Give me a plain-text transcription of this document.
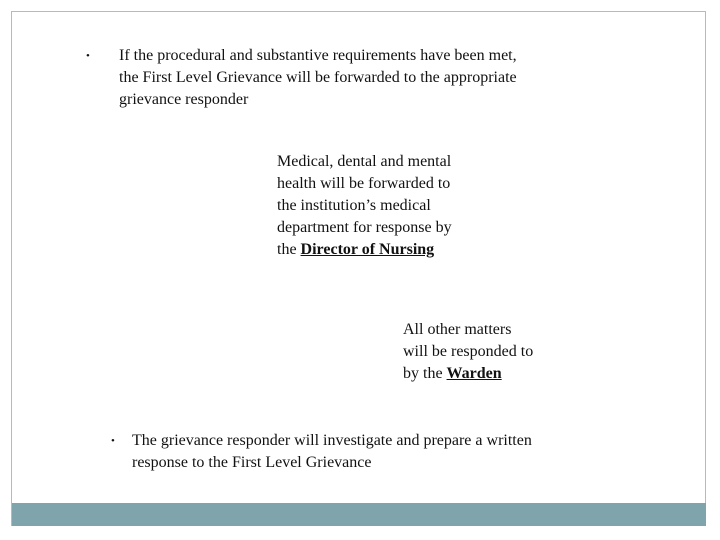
• If the procedural and substantive requirements have been met,
the First Level Grievance will be forwarded to the appropriate
grievance responder
Medical, dental and mental
health will be forwarded to
the institution’s medical
department for response by
the Director of Nursing
All other matters
will be responded to
by the Warden
• The grievance responder will investigate and prepare a written
response to the First Level Grievance
